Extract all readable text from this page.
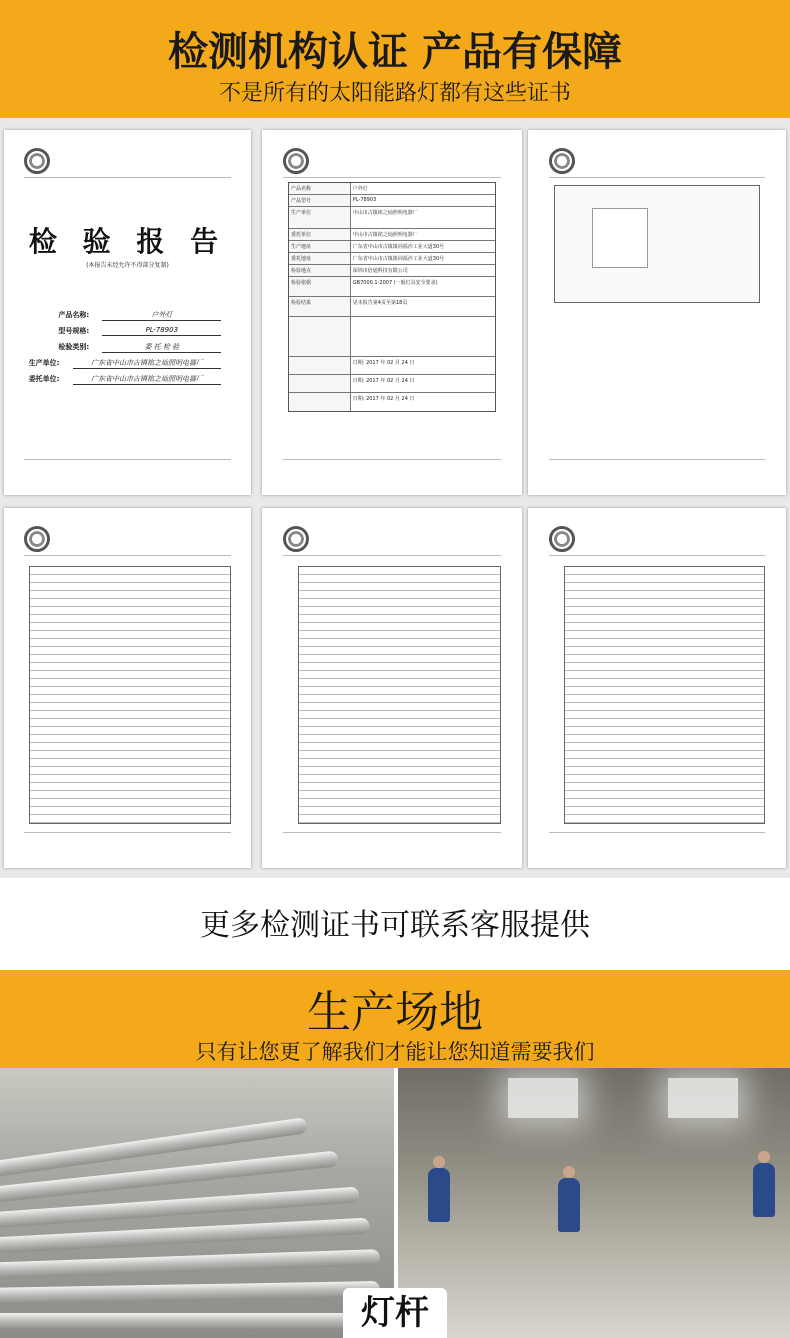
检测机构认证 产品有保障
不是所有的太阳能路灯都有这些证书
检 验 报 告
(本报告未经允许不得部分复制)
产品名称:	户外灯
型号规格:	PL-78903
检验类别:	委 托 检 验
生产单位:	广东省中山市古镇铭之灿照明电器厂
委托单位:	广东省中山市古镇铭之灿照明电器厂
产品名称	户外灯
产品型号	PL-78903
生产单位	中山市古镇铭之灿照明电器厂
委托单位	中山市古镇铭之灿照明电器厂
生产地址	广东省中山市古镇镇同福沙工业大道30号
委托地址	广东省中山市古镇镇同福沙工业大道30号
检验地点	深圳市倍通科技有限公司
检验依据	GB7000.1-2007 (一般灯具安全要求)
检验结果	见本报告第4页至第18页
日期: 2017 年 02 月 24 日
日期: 2017 年 02 月 24 日
日期: 2017 年 02 月 24 日
更多检测证书可联系客服提供
生产场地
只有让您更了解我们才能让您知道需要我们
灯杆
